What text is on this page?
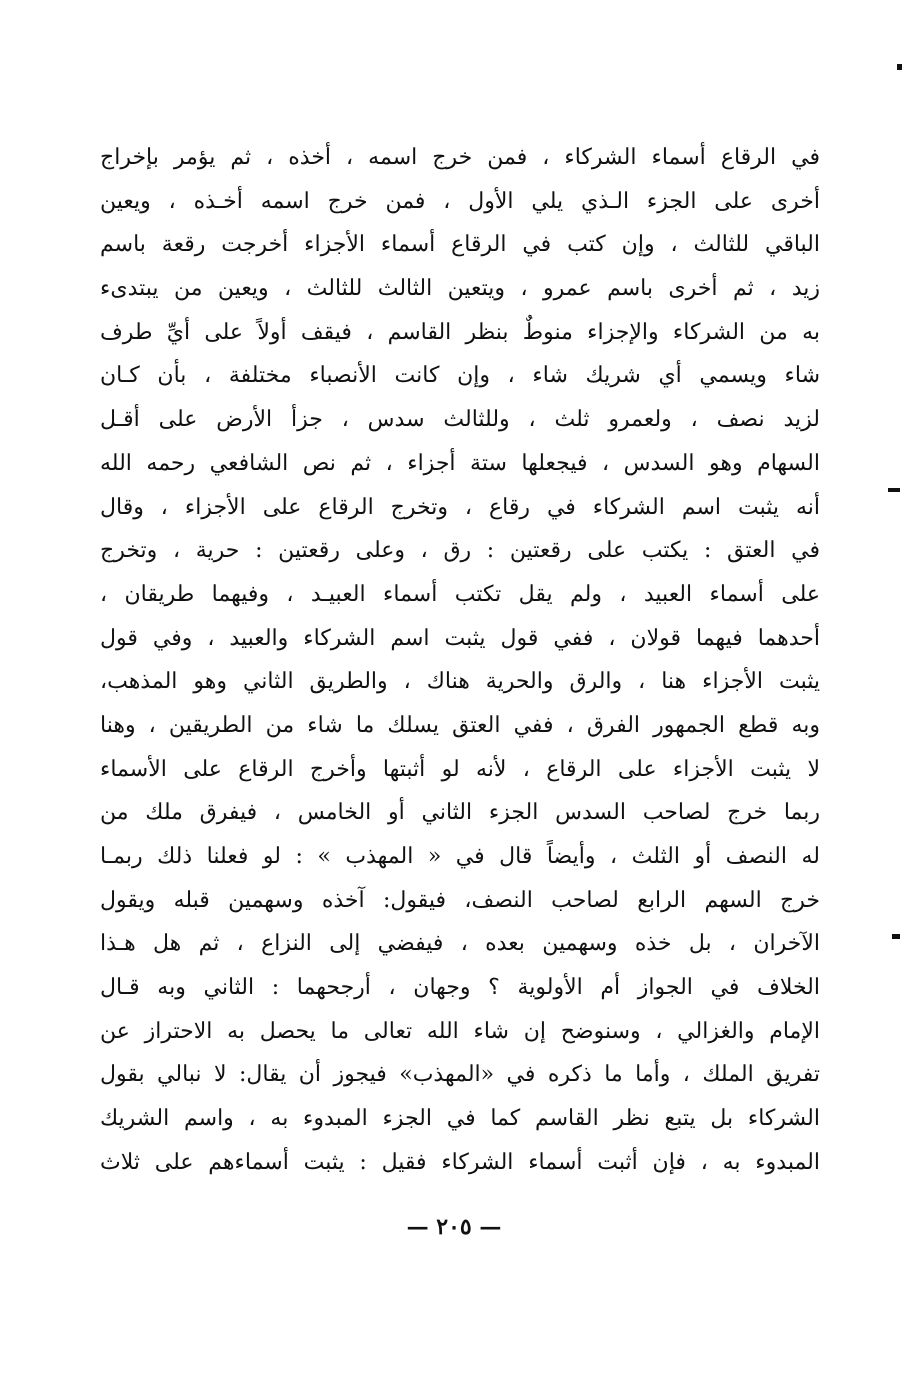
في الرقاع أسماء الشركاء ، فمن خرج اسمه ، أخذه ، ثم يؤمر بإخراج
أخرى على الجزء الـذي يلي الأول ، فمن خرج اسمه أخـذه ، ويعين
الباقي للثالث ، وإن كتب في الرقاع أسماء الأجزاء أخرجت رقعة باسم
زيد ، ثم أخرى باسم عمرو ، ويتعين الثالث للثالث ، ويعين من يبتدىء
به من الشركاء والإجزاء منوطٌ بنظر القاسم ، فيقف أولاً على أيِّ طرف
شاء ويسمي أي شريك شاء ، وإن كانت الأنصباء مختلفة ، بأن كـان
لزيد نصف ، ولعمرو ثلث ، وللثالث سدس ، جزأ الأرض على أقـل
السهام وهو السدس ، فيجعلها ستة أجزاء ، ثم نص الشافعي رحمه الله
أنه يثبت اسم الشركاء في رقاع ، وتخرج الرقاع على الأجزاء ، وقال
في العتق : يكتب على رقعتين : رق ، وعلى رقعتين : حرية ، وتخرج
على أسماء العبيد ، ولم يقل تكتب أسماء العبيـد ، وفيهما طريقان ،
أحدهما فيهما قولان ، ففي قول يثبت اسم الشركاء والعبيد ، وفي قول
يثبت الأجزاء هنا ، والرق والحرية هناك ، والطريق الثاني وهو المذهب،
وبه قطع الجمهور الفرق ، ففي العتق يسلك ما شاء من الطريقين ، وهنا
لا يثبت الأجزاء على الرقاع ، لأنه لو أثبتها وأخرج الرقاع على الأسماء
ربما خرج لصاحب السدس الجزء الثاني أو الخامس ، فيفرق ملك من
له النصف أو الثلث ، وأيضاً قال في « المهذب » : لو فعلنا ذلك ربمـا
خرج السهم الرابع لصاحب النصف، فيقول: آخذه وسهمين قبله ويقول
الآخران ، بل خذه وسهمين بعده ، فيفضي إلى النزاع ، ثم هل هـذا
الخلاف في الجواز أم الأولوية ؟ وجهان ، أرجحهما : الثاني وبه قـال
الإمام والغزالي ، وسنوضح إن شاء الله تعالى ما يحصل به الاحتراز عن
تفريق الملك ، وأما ما ذكره في «المهذب» فيجوز أن يقال: لا نبالي بقول
الشركاء بل يتبع نظر القاسم كما في الجزء المبدوء به ، واسم الشريك
المبدوء به ، فإن أثبت أسماء الشركاء فقيل : يثبت أسماءهم على ثلاث
— ٢٠٥ —
